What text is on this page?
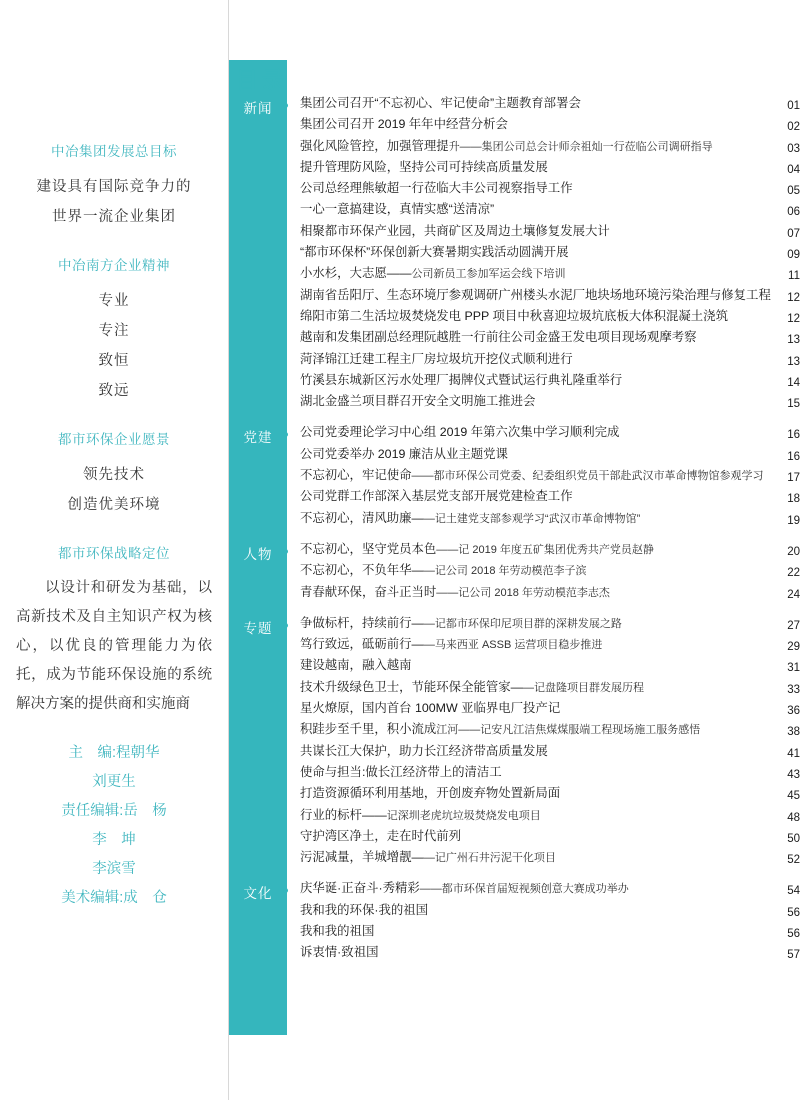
中冶集团发展总目标
建设具有国际竞争力的
世界一流企业集团
中冶南方企业精神
专业
专注
致恒
致远
都市环保企业愿景
领先技术
创造优美环境
都市环保战略定位
以设计和研发为基础，以高新技术及自主知识产权为核心，以优良的管理能力为依托，成为节能环保设施的系统解决方案的提供商和实施商
主　编:程朝华
刘更生
责任编辑:岳　杨
李　坤
李滨雪
美术编辑:成　仓
目录
新闻	集团公司召开“不忘初心、牢记使命”主题教育部署会	01
集团公司召开 2019 年年中经营分析会	02
强化风险管控，加强管理提升——集团公司总会计师佘祖灿一行莅临公司调研指导	03
提升管理防风险，坚持公司可持续高质量发展	04
公司总经理熊敏超一行莅临大丰公司视察指导工作	05
一心一意搞建设，真情实感“送清凉”	06
相聚都市环保产业园，共商矿区及周边土壤修复发展大计	07
“都市环保杯”环保创新大赛暑期实践活动圆满开展	09
小水杉，大志愿——公司新员工参加军运会线下培训	11
湖南省岳阳厅、生态环境厅参观调研广州楼头水泥厂地块场地环境污染治理与修复工程	12
绵阳市第二生活垃圾焚烧发电 PPP 项目中秋喜迎垃圾坑底板大体积混凝土浇筑	12
越南和发集团副总经理阮越胜一行前往公司金盛王发电项目现场观摩考察	13
菏泽锦江迁建工程主厂房垃圾坑开挖仪式顺利进行	13
竹溪县东城新区污水处理厂揭牌仪式暨试运行典礼隆重举行	14
湖北金盛兰项目群召开安全文明施工推进会	15
党建	公司党委理论学习中心组 2019 年第六次集中学习顺利完成	16
公司党委举办 2019 廉洁从业主题党课	16
不忘初心，牢记使命——都市环保公司党委、纪委组织党员干部赴武汉市革命博物馆参观学习	17
公司党群工作部深入基层党支部开展党建检查工作	18
不忘初心，清风助廉——记土建党支部参观学习“武汉市革命博物馆”	19
人物	不忘初心，坚守党员本色——记 2019 年度五矿集团优秀共产党员赵静	20
不忘初心，不负年华——记公司 2018 年劳动模范李子滨	22
青春献环保，奋斗正当时——记公司 2018 年劳动模范李志杰	24
专题	争做标杆，持续前行——记都市环保印尼项目群的深耕发展之路	27
笃行致远，砥砺前行——马来西亚 ASSB 运营项目稳步推进	29
建设越南，融入越南	31
技术升级绿色卫士，节能环保全能管家——记盘隆项目群发展历程	33
星火燎原，国内首台 100MW 亚临界电厂投产记	36
积跬步至千里，积小流成江河——记安凡江洁焦煤煤服端工程现场施工服务感悟	38
共谋长江大保护，助力长江经济带高质量发展	41
使命与担当:做长江经济带上的清洁工	43
打造资源循环利用基地，开创废弃物处置新局面	45
行业的标杆——记深圳老虎坑垃圾焚烧发电项目	48
守护湾区净土，走在时代前列	50
污泥减量，羊城增靓——记广州石井污泥干化项目	52
文化	庆华诞·正奋斗·秀精彩——都市环保首届短视频创意大赛成功举办	54
我和我的环保·我的祖国	56
我和我的祖国	56
诉衷情·致祖国	57
